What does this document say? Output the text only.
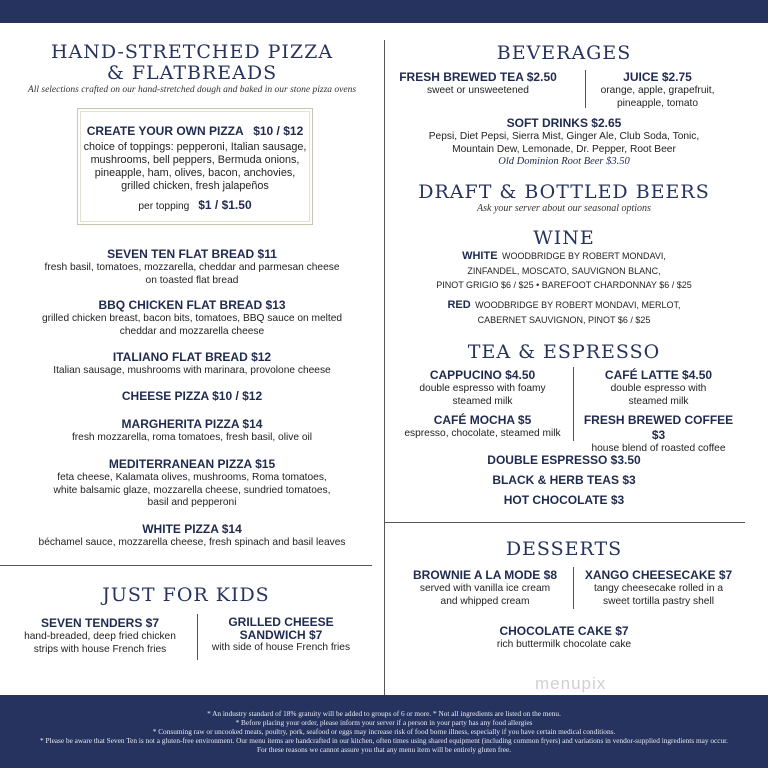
HAND-STRETCHED PIZZA
& FLATBREADS
All selections crafted on our hand-stretched dough and baked in our stone pizza ovens
CREATE YOUR OWN PIZZA   $10 / $12
choice of toppings: pepperoni, Italian sausage,
mushrooms, bell peppers, Bermuda onions,
pineapple, ham, olives, bacon, anchovies,
grilled chicken, fresh jalapeños
per topping $1 / $1.50
SEVEN TEN FLAT BREAD $11
fresh basil, tomatoes, mozzarella, cheddar and parmesan cheese
on toasted flat bread
BBQ CHICKEN FLAT BREAD $13
grilled chicken breast, bacon bits, tomatoes, BBQ sauce on melted
cheddar and mozzarella cheese
ITALIANO FLAT BREAD $12
Italian sausage, mushrooms with marinara, provolone cheese
CHEESE PIZZA $10 / $12
MARGHERITA PIZZA $14
fresh mozzarella, roma tomatoes, fresh basil, olive oil
MEDITERRANEAN PIZZA $15
feta cheese, Kalamata olives, mushrooms, Roma tomatoes,
white balsamic glaze, mozzarella cheese, sundried tomatoes,
basil and pepperoni
WHITE PIZZA $14
béchamel sauce, mozzarella cheese, fresh spinach and basil leaves
JUST FOR KIDS
SEVEN TENDERS $7
hand-breaded, deep fried chicken
strips with house French fries
GRILLED CHEESE
SANDWICH $7
with side of house French fries
BEVERAGES
FRESH BREWED TEA $2.50
sweet or unsweetened
JUICE $2.75
orange, apple, grapefruit,
pineapple, tomato
SOFT DRINKS $2.65
Pepsi, Diet Pepsi, Sierra Mist, Ginger Ale, Club Soda, Tonic,
Mountain Dew, Lemonade, Dr. Pepper, Root Beer
Old Dominion Root Beer $3.50
DRAFT & BOTTLED BEERS
Ask your server about our seasonal options
WINE
WHITE WOODBRIDGE BY ROBERT MONDAVI,
ZINFANDEL, MOSCATO, SAUVIGNON BLANC,
PINOT GRIGIO $6 / $25 • BAREFOOT CHARDONNAY $6 / $25
RED WOODBRIDGE BY ROBERT MONDAVI, MERLOT,
CABERNET SAUVIGNON, PINOT $6 / $25
TEA & ESPRESSO
CAPPUCINO $4.50
double espresso with foamy
steamed milk
CAFÉ LATTE $4.50
double espresso with
steamed milk
CAFÉ MOCHA $5
espresso, chocolate, steamed milk
FRESH BREWED COFFEE $3
house blend of roasted coffee
DOUBLE ESPRESSO $3.50
BLACK & HERB TEAS $3
HOT CHOCOLATE $3
DESSERTS
BROWNIE A LA MODE $8
served with vanilla ice cream
and whipped cream
XANGO CHEESECAKE $7
tangy cheesecake rolled in a
sweet tortilla pastry shell
CHOCOLATE CAKE $7
rich buttermilk chocolate cake
menupix
* An industry standard of 18% gratuity will be added to groups of 6 or more. * Not all ingredients are listed on the menu.
* Before placing your order, please inform your server if a person in your party has any food allergies
* Consuming raw or uncooked meats, poultry, pork, seafood or eggs may increase risk of food borne illness, especially if you have certain medical conditions.
* Please be aware that Seven Ten is not a gluten-free environment. Our menu items are handcrafted in our kitchen, often times using shared equipment (including common fryers) and variations in vendor-supplied ingredients may occur. For these reasons we cannot assure you that any menu item will be entirely gluten free.
